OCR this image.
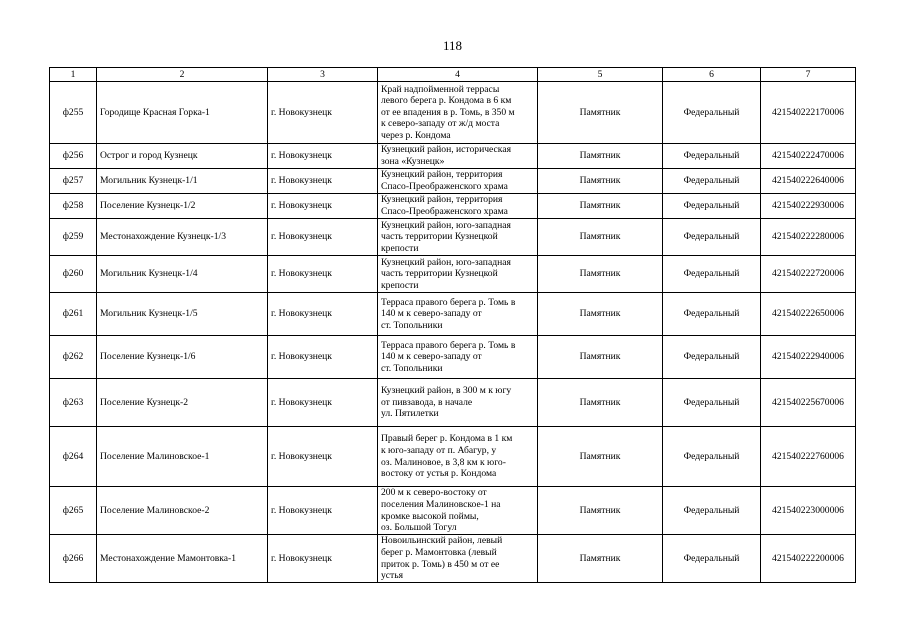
118
1	2	3	4	5	6	7
ф255	Городище Красная Горка-1	г. Новокузнецк	Край надпойменной террасы
левого берега р. Кондома в 6 км
от ее впадения в р. Томь, в 350 м
к северо-западу от ж/д моста
через р. Кондома	Памятник	Федеральный	421540222170006
ф256	Острог и город Кузнецк	г. Новокузнецк	Кузнецкий район, историческая
зона «Кузнецк»	Памятник	Федеральный	421540222470006
ф257	Могильник Кузнецк-1/1	г. Новокузнецк	Кузнецкий район, территория
Спасо-Преображенского храма	Памятник	Федеральный	421540222640006
ф258	Поселение Кузнецк-1/2	г. Новокузнецк	Кузнецкий район, территория
Спасо-Преображенского храма	Памятник	Федеральный	421540222930006
ф259	Местонахождение Кузнецк-1/3	г. Новокузнецк	Кузнецкий район, юго-западная
часть территории Кузнецкой
крепости	Памятник	Федеральный	421540222280006
ф260	Могильник Кузнецк-1/4	г. Новокузнецк	Кузнецкий район, юго-западная
часть территории Кузнецкой
крепости	Памятник	Федеральный	421540222720006
ф261	Могильник Кузнецк-1/5	г. Новокузнецк	Терраса правого берега р. Томь в
140 м к северо-западу от
ст. Топольники	Памятник	Федеральный	421540222650006
ф262	Поселение Кузнецк-1/6	г. Новокузнецк	Терраса правого берега р. Томь в
140 м к северо-западу от
ст. Топольники	Памятник	Федеральный	421540222940006
ф263	Поселение Кузнецк-2	г. Новокузнецк	Кузнецкий район, в 300 м к югу
от пивзавода, в начале
ул. Пятилетки	Памятник	Федеральный	421540225670006
ф264	Поселение Малиновское-1	г. Новокузнецк	Правый берег р. Кондома в 1 км
к юго-западу от п. Абагур, у
оз. Малиновое, в 3,8 км к юго-
востоку от устья р. Кондома	Памятник	Федеральный	421540222760006
ф265	Поселение Малиновское-2	г. Новокузнецк	200 м к северо-востоку от
поселения Малиновское-1 на
кромке высокой поймы,
оз. Большой Тогул	Памятник	Федеральный	421540223000006
ф266	Местонахождение Мамонтовка-1	г. Новокузнецк	Новоильинский район, левый
берег р. Мамонтовка (левый
приток р. Томь) в 450 м от ее
устья	Памятник	Федеральный	421540222200006
